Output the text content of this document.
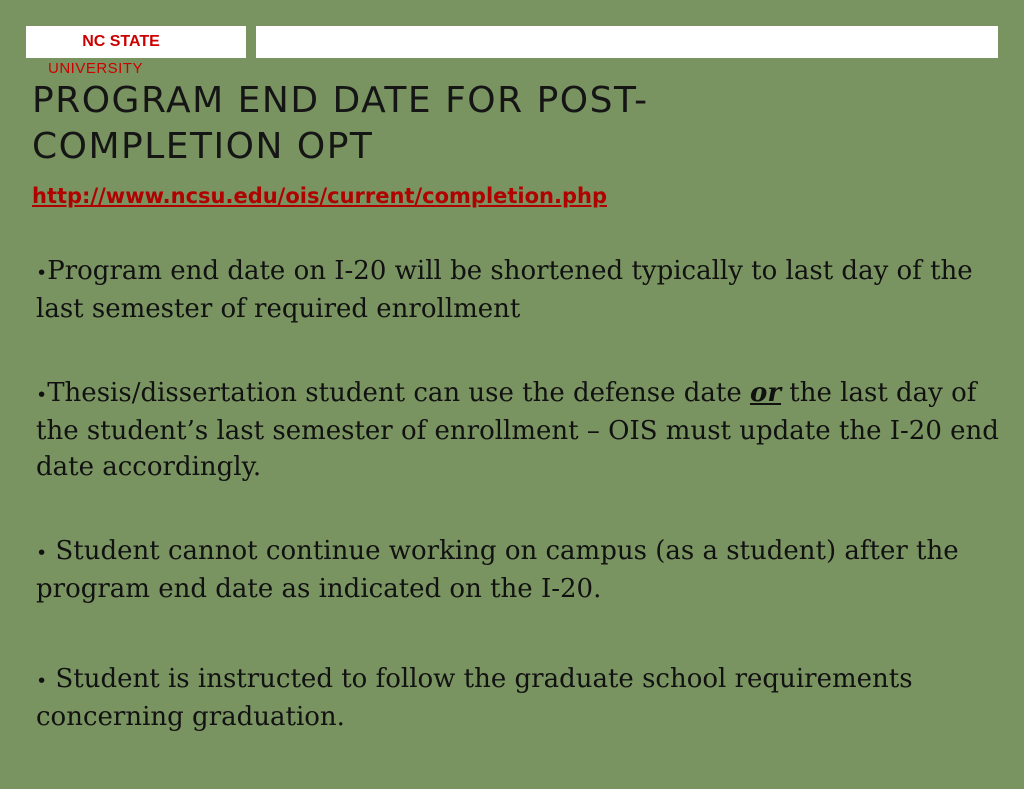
NC STATE
UNIVERSITY
PROGRAM END DATE FOR POST-
COMPLETION OPT
http://www.ncsu.edu/ois/current/completion.php
•Program end date on I-20 will be shortened typically to last day of the last semester of required enrollment
•Thesis/dissertation student can use the defense date or the last day of the student’s last semester of enrollment – OIS must update the I-20 end date accordingly.
• Student cannot continue working on campus (as a student) after the program end date as indicated on the I-20.
• Student is instructed to follow the graduate school requirements concerning graduation.
